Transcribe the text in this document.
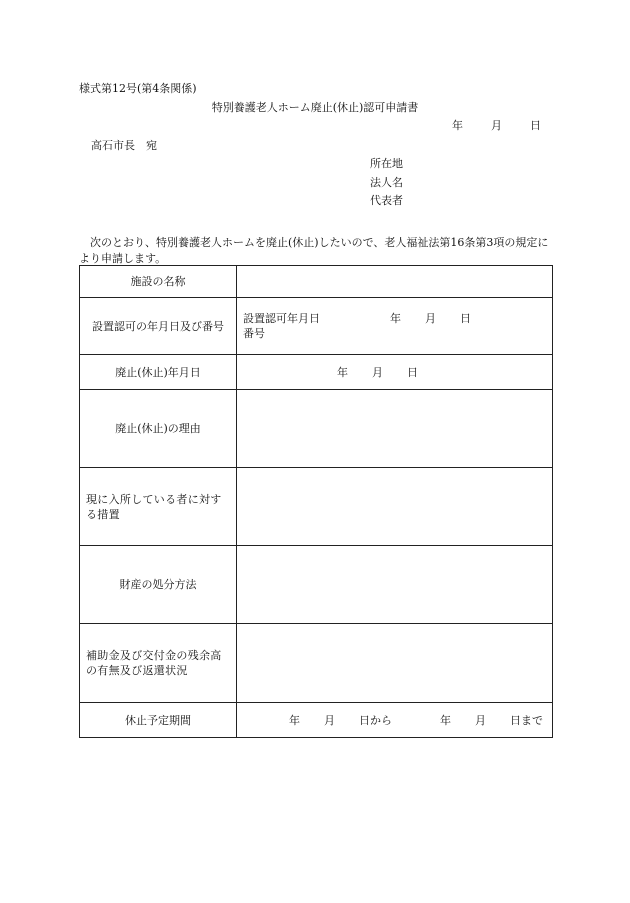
様式第12号(第4条関係)
特別養護老人ホーム廃止(休止)認可申請書
年	月	日
高石市長　宛
所在地
法人名
代表者
次のとおり、特別養護老人ホームを廃止(休止)したいので、老人福祉法第16条第3項の規定により申請します。
施設の名称	
設置認可の年月日及び番号	設置認可年月日 年 月 日
番号

廃止(休止)年月日	年 月 日

廃止(休止)の理由	
現に入所している者に対する措置	
財産の処分方法	
補助金及び交付金の残余高の有無及び返還状況	
休止予定期間	年 月 日から 年 月 日まで
